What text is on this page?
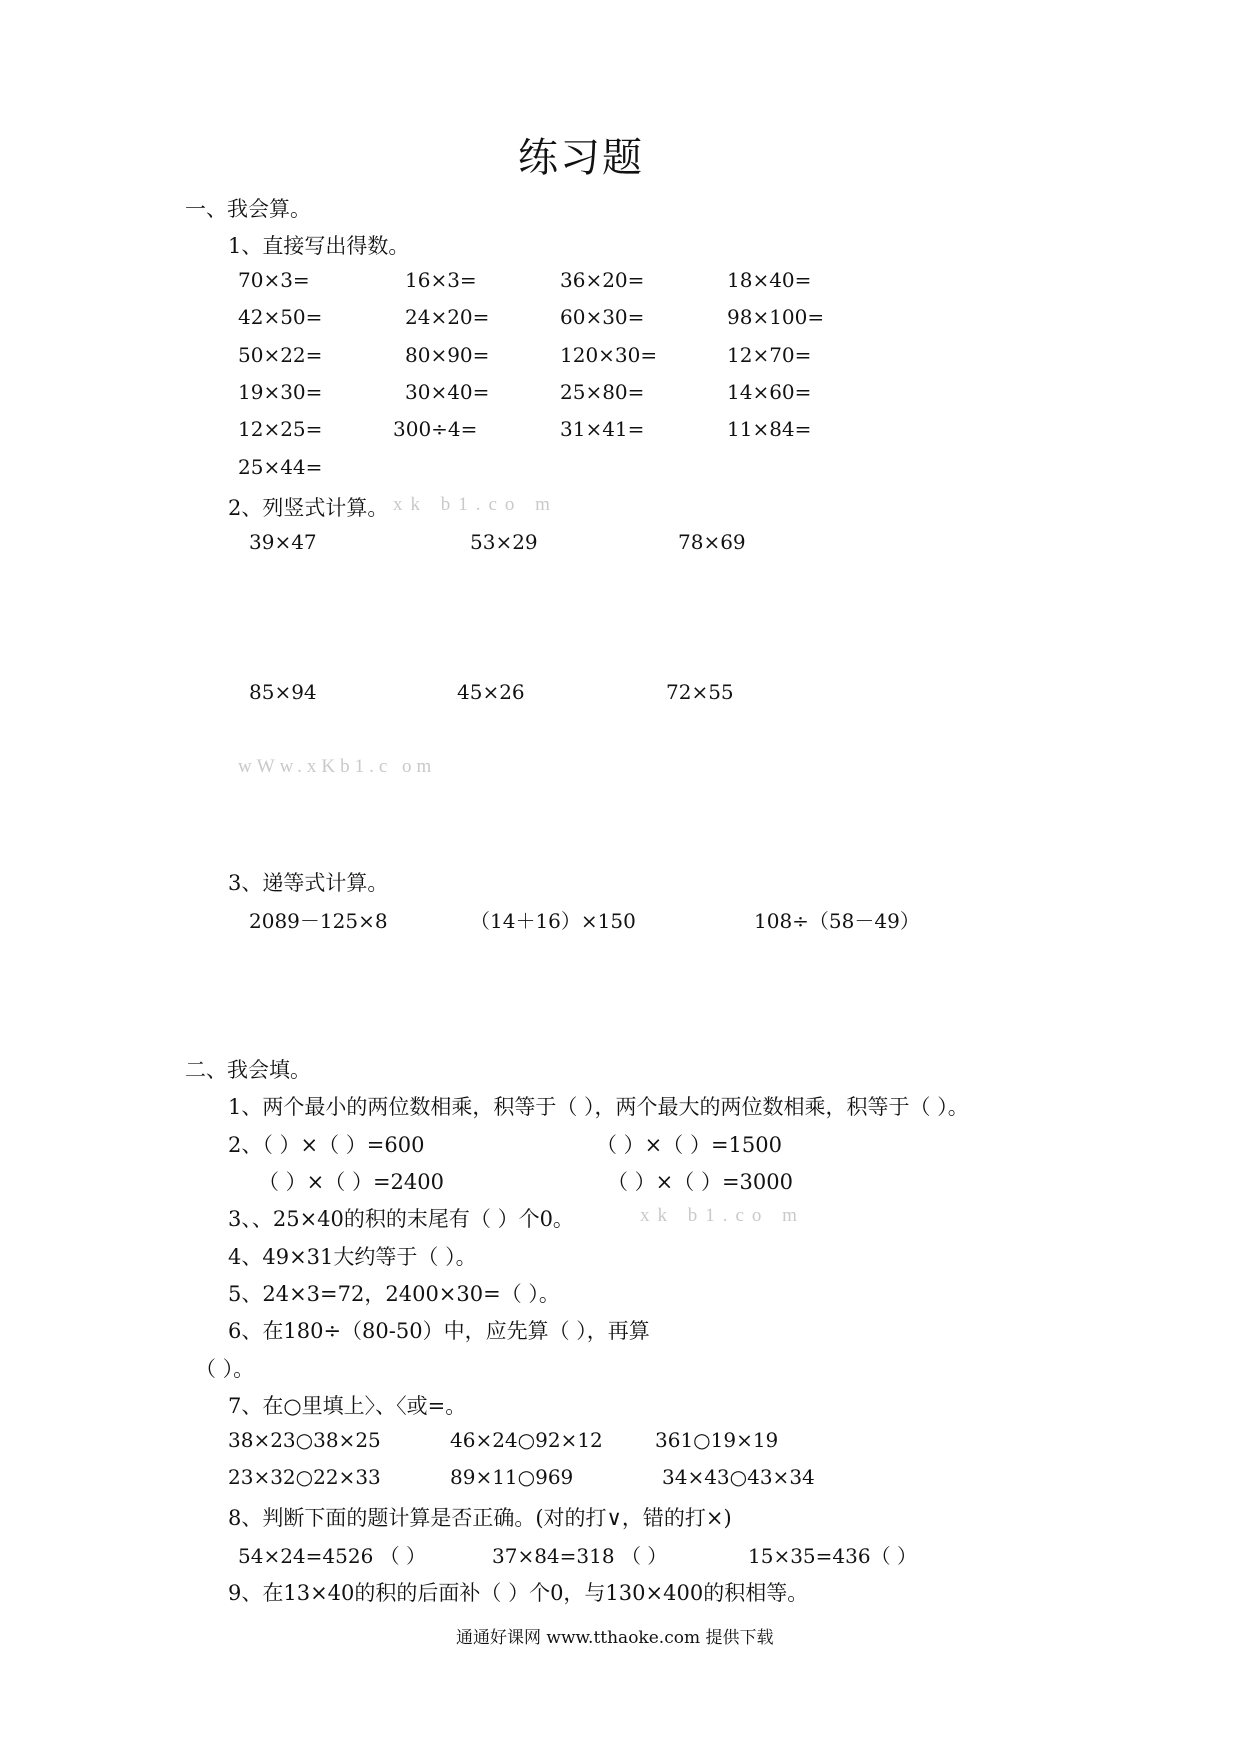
练习题
一、我会算。
1、直接写出得数。
70×3=	16×3=	36×20=	18×40=
42×50=	24×20=	60×30=	98×100=
50×22=	80×90=	120×30=	12×70=
19×30=	30×40=	25×80=	14×60=
12×25=	300÷4=	31×41=	11×84=
25×44=
2、列竖式计算。 xk b1.co m
39×47	53×29	78×69
85×94	45×26	72×55
wWw.xKb1.c om
3、递等式计算。
2089－125×8	（14＋16）×150	108÷（58－49）
二、我会填。
1、两个最小的两位数相乘，积等于（ ），两个最大的两位数相乘，积等于（ ）。
2、（ ）×（ ）=600	（ ）×（ ）=1500
（ ）×（ ）=2400	（ ）×（ ）=3000
3、、25×40的积的末尾有（ ）个0。	xk b1.co m
4、49×31大约等于（ ）。
5、24×3=72，2400×30=（ ）。
6、在180÷（80-50）中，应先算（ ），再算
（ ）。
7、在○里填上〉、〈或=。
38×23○38×25	46×24○92×12	361○19×19
23×32○22×33	89×11○969	34×43○43×34
8、判断下面的题计算是否正确。(对的打∨，错的打×)
54×24=4526 （ ）	37×84=318 （ ）	15×35=436（ ）
9、在13×40的积的后面补（ ）个0，与130×400的积相等。
通通好课网 www.tthaoke.com 提供下载
